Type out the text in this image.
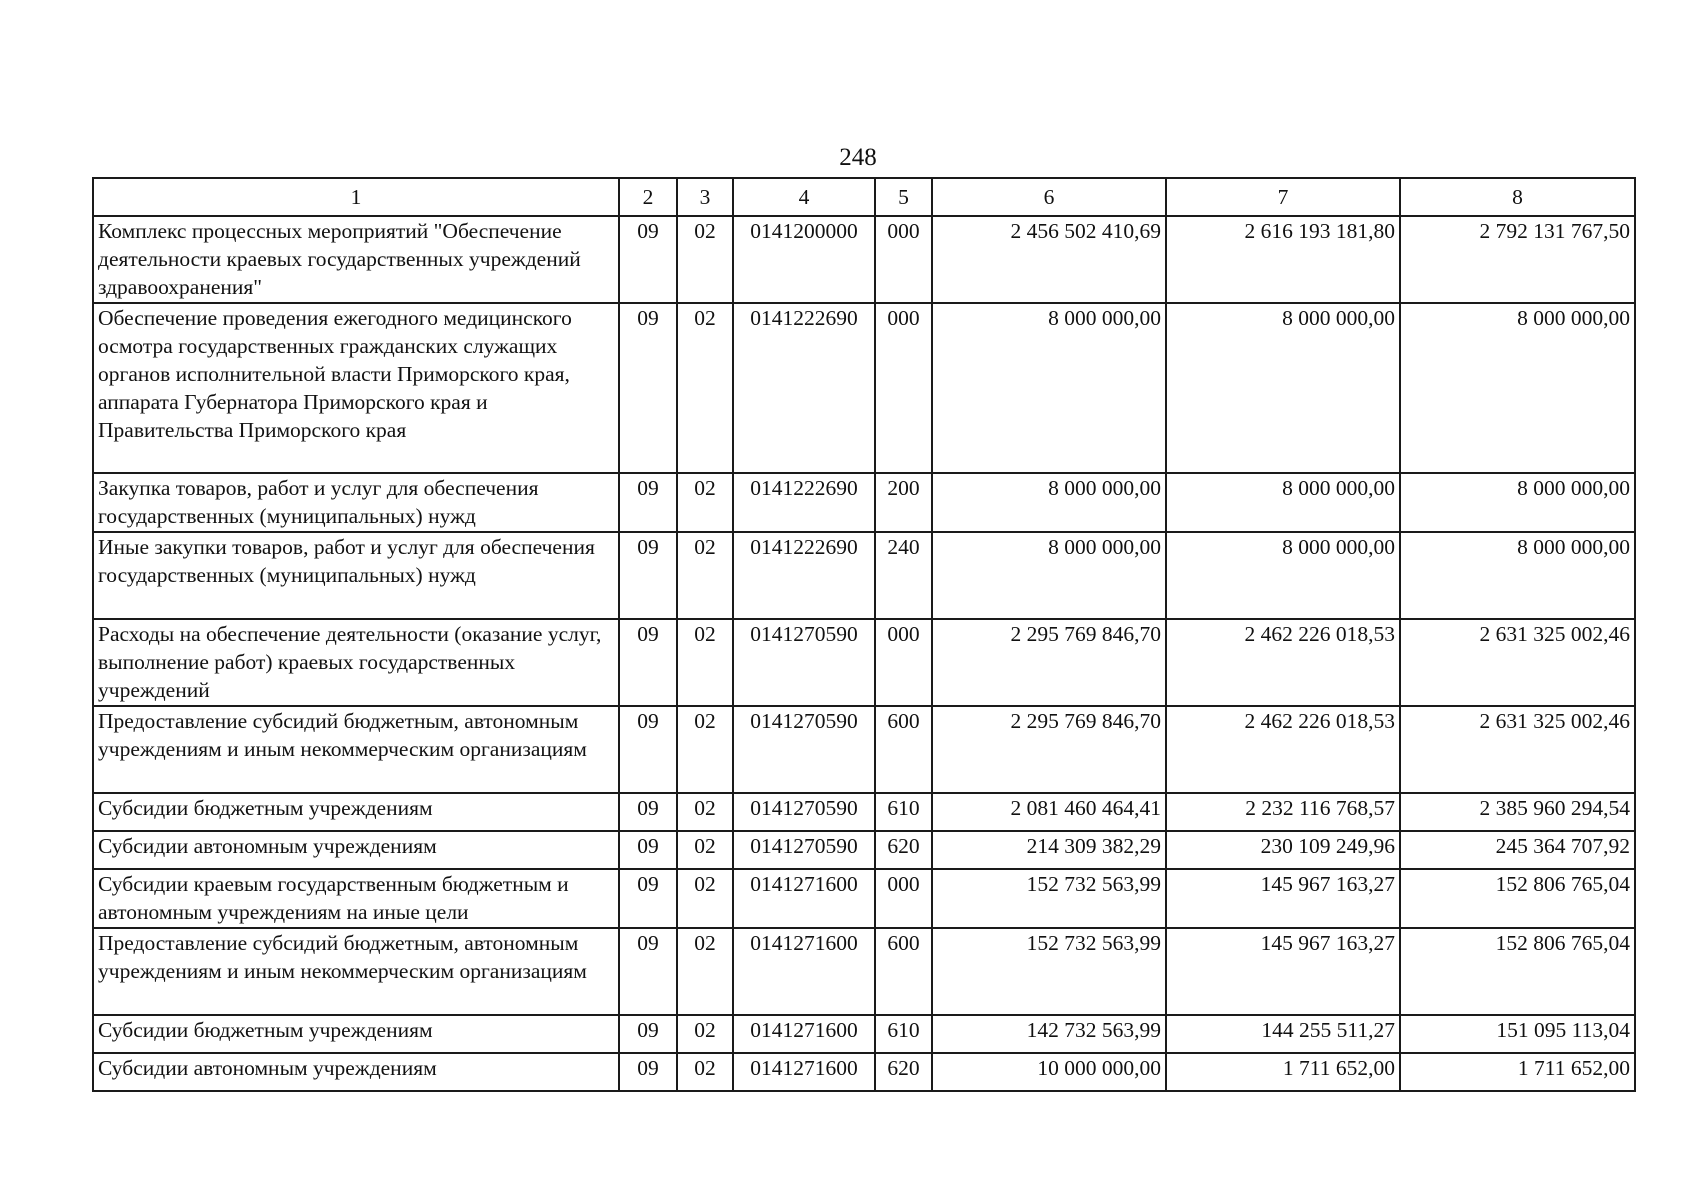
248
1	2	3	4	5	6	7	8
Комплекс процессных мероприятий "Обеспечение деятельности краевых государственных учреждений здравоохранения"	09	02	0141200000	000	2 456 502 410,69	2 616 193 181,80	2 792 131 767,50
Обеспечение проведения ежегодного медицинского осмотра государственных гражданских служащих органов исполнительной власти Приморского края, аппарата Губернатора Приморского края и Правительства Приморского края	09	02	0141222690	000	8 000 000,00	8 000 000,00	8 000 000,00
Закупка товаров, работ и услуг для обеспечения государственных (муниципальных) нужд	09	02	0141222690	200	8 000 000,00	8 000 000,00	8 000 000,00
Иные закупки товаров, работ и услуг для обеспечения государственных (муниципальных) нужд	09	02	0141222690	240	8 000 000,00	8 000 000,00	8 000 000,00
Расходы на обеспечение деятельности (оказание услуг, выполнение работ) краевых государственных учреждений	09	02	0141270590	000	2 295 769 846,70	2 462 226 018,53	2 631 325 002,46
Предоставление субсидий бюджетным, автономным учреждениям и иным некоммерческим организациям	09	02	0141270590	600	2 295 769 846,70	2 462 226 018,53	2 631 325 002,46
Субсидии бюджетным учреждениям	09	02	0141270590	610	2 081 460 464,41	2 232 116 768,57	2 385 960 294,54
Субсидии автономным учреждениям	09	02	0141270590	620	214 309 382,29	230 109 249,96	245 364 707,92
Субсидии краевым государственным бюджетным и автономным учреждениям на иные цели	09	02	0141271600	000	152 732 563,99	145 967 163,27	152 806 765,04
Предоставление субсидий бюджетным, автономным учреждениям и иным некоммерческим организациям	09	02	0141271600	600	152 732 563,99	145 967 163,27	152 806 765,04
Субсидии бюджетным учреждениям	09	02	0141271600	610	142 732 563,99	144 255 511,27	151 095 113,04
Субсидии автономным учреждениям	09	02	0141271600	620	10 000 000,00	1 711 652,00	1 711 652,00
